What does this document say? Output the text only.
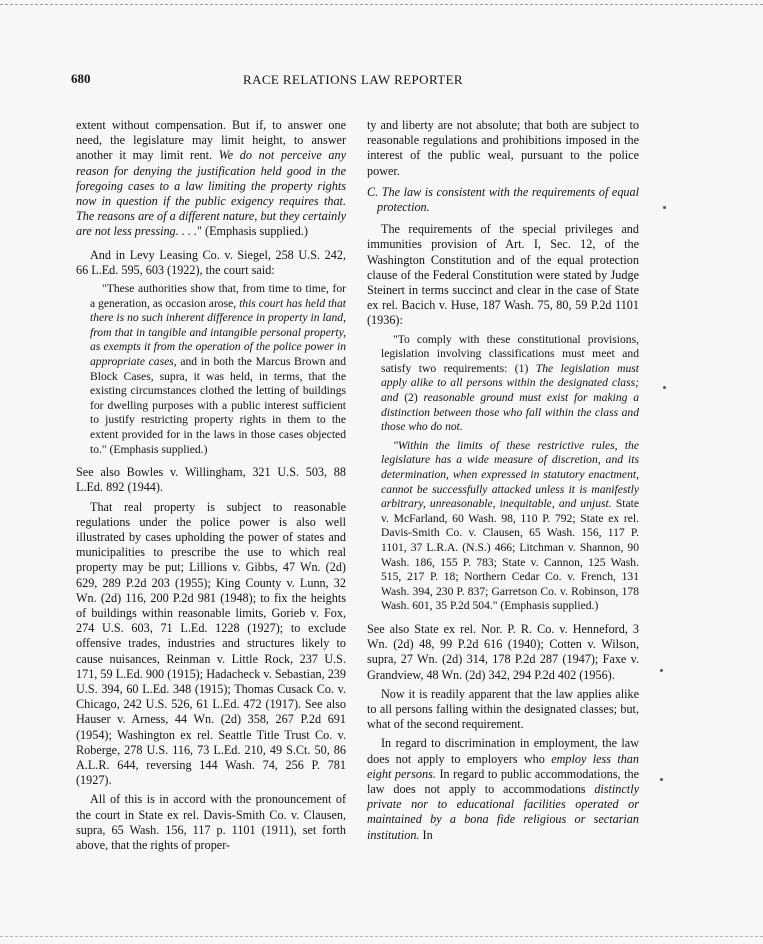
680	RACE RELATIONS LAW REPORTER

extent without compensation. But if, to answer one need, the legislature may limit height, to answer another it may limit rent. We do not perceive any reason for denying the justification held good in the foregoing cases to a law limiting the property rights now in question if the public exigency requires that. The reasons are of a different nature, but they certainly are not less pressing. . . ." (Emphasis supplied.)

And in Levy Leasing Co. v. Siegel, 258 U.S. 242, 66 L.Ed. 595, 603 (1922), the court said:

"These authorities show that, from time to time, for a generation, as occasion arose, this court has held that there is no such inherent difference in property in land, from that in tangible and intangible personal property, as exempts it from the operation of the police power in appropriate cases, and in both the Marcus Brown and Block Cases, supra, it was held, in terms, that the existing circumstances clothed the letting of buildings for dwelling purposes with a public interest sufficient to justify restricting property rights in them to the extent provided for in the laws in those cases objected to." (Emphasis supplied.)

See also Bowles v. Willingham, 321 U.S. 503, 88 L.Ed. 892 (1944).

That real property is subject to reasonable regulations under the police power is also well illustrated by cases upholding the power of states and municipalities to prescribe the use to which real property may be put; Lillions v. Gibbs, 47 Wn. (2d) 629, 289 P.2d 203 (1955); King County v. Lunn, 32 Wn. (2d) 116, 200 P.2d 981 (1948); to fix the heights of buildings within reasonable limits, Gorieb v. Fox, 274 U.S. 603, 71 L.Ed. 1228 (1927); to exclude offensive trades, industries and structures likely to cause nuisances, Reinman v. Little Rock, 237 U.S. 171, 59 L.Ed. 900 (1915); Hadacheck v. Sebastian, 239 U.S. 394, 60 L.Ed. 348 (1915); Thomas Cusack Co. v. Chicago, 242 U.S. 526, 61 L.Ed. 472 (1917). See also Hauser v. Arness, 44 Wn. (2d) 358, 267 P.2d 691 (1954); Washington ex rel. Seattle Title Trust Co. v. Roberge, 278 U.S. 116, 73 L.Ed. 210, 49 S.Ct. 50, 86 A.L.R. 644, reversing 144 Wash. 74, 256 P. 781 (1927).

All of this is in accord with the pronouncement of the court in State ex rel. Davis-Smith Co. v. Clausen, supra, 65 Wash. 156, 117 p. 1101 (1911), set forth above, that the rights of proper-

ty and liberty are not absolute; that both are subject to reasonable regulations and prohibitions imposed in the interest of the public weal, pursuant to the police power.

C. The law is consistent with the requirements of equal protection.

The requirements of the special privileges and immunities provision of Art. I, Sec. 12, of the Washington Constitution and of the equal protection clause of the Federal Constitution were stated by Judge Steinert in terms succinct and clear in the case of State ex rel. Bacich v. Huse, 187 Wash. 75, 80, 59 P.2d 1101 (1936):

"To comply with these constitutional provisions, legislation involving classifications must meet and satisfy two requirements: (1) The legislation must apply alike to all persons within the designated class; and (2) reasonable ground must exist for making a distinction between those who fall within the class and those who do not.

"Within the limits of these restrictive rules, the legislature has a wide measure of discretion, and its determination, when expressed in statutory enactment, cannot be successfully attacked unless it is manifestly arbitrary, unreasonable, inequitable, and unjust. State v. McFarland, 60 Wash. 98, 110 P. 792; State ex rel. Davis-Smith Co. v. Clausen, 65 Wash. 156, 117 P. 1101, 37 L.R.A. (N.S.) 466; Litchman v. Shannon, 90 Wash. 186, 155 P. 783; State v. Cannon, 125 Wash. 515, 217 P. 18; Northern Cedar Co. v. French, 131 Wash. 394, 230 P. 837; Garretson Co. v. Robinson, 178 Wash. 601, 35 P.2d 504." (Emphasis supplied.)

See also State ex rel. Nor. P. R. Co. v. Henneford, 3 Wn. (2d) 48, 99 P.2d 616 (1940); Cotten v. Wilson, supra, 27 Wn. (2d) 314, 178 P.2d 287 (1947); Faxe v. Grandview, 48 Wn. (2d) 342, 294 P.2d 402 (1956).

Now it is readily apparent that the law applies alike to all persons falling within the designated classes; but, what of the second requirement.

In regard to discrimination in employment, the law does not apply to employers who employ less than eight persons. In regard to public accommodations, the law does not apply to accommodations distinctly private nor to educational facilities operated or maintained by a bona fide religious or sectarian institution. In
